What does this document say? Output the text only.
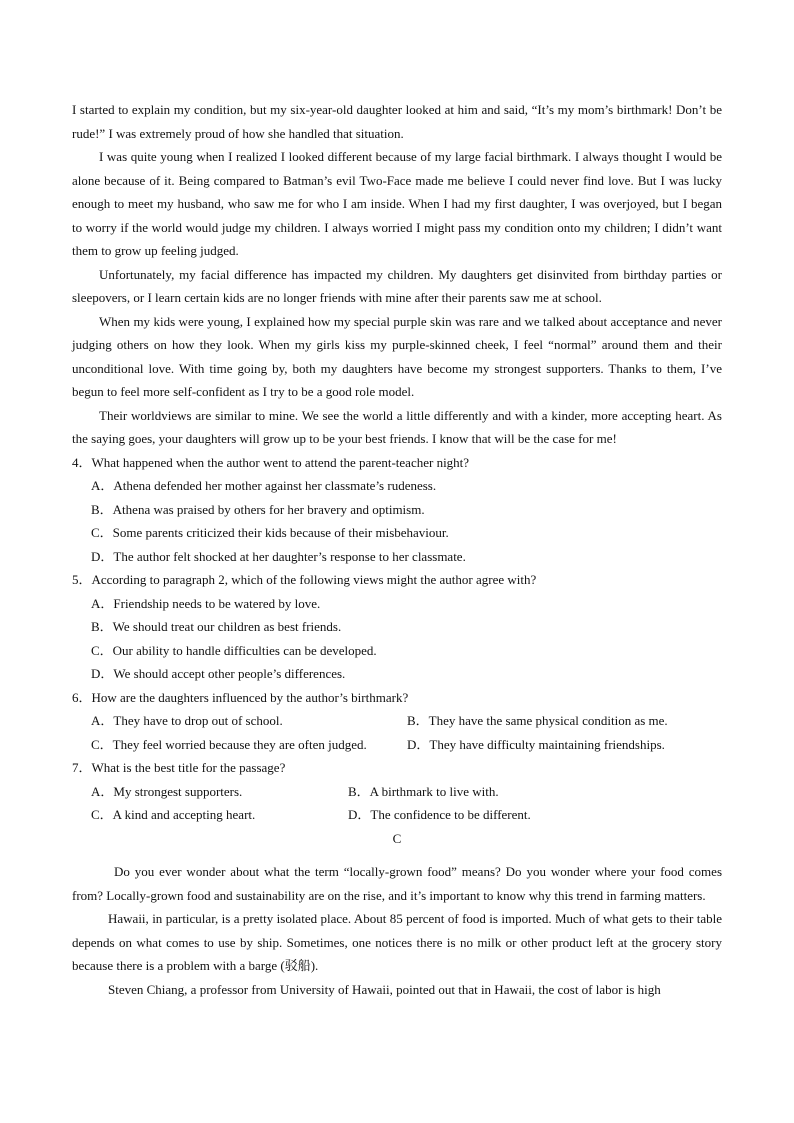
I started to explain my condition, but my six-year-old daughter looked at him and said, “It’s my mom’s birthmark! Don’t be rude!” I was extremely proud of how she handled that situation.

I was quite young when I realized I looked different because of my large facial birthmark. I always thought I would be alone because of it. Being compared to Batman’s evil Two-Face made me believe I could never find love. But I was lucky enough to meet my husband, who saw me for who I am inside. When I had my first daughter, I was overjoyed, but I began to worry if the world would judge my children. I always worried I might pass my condition onto my children; I didn’t want them to grow up feeling judged.

Unfortunately, my facial difference has impacted my children. My daughters get disinvited from birthday parties or sleepovers, or I learn certain kids are no longer friends with mine after their parents saw me at school.

When my kids were young, I explained how my special purple skin was rare and we talked about acceptance and never judging others on how they look. When my girls kiss my purple-skinned cheek, I feel “normal” around them and their unconditional love. With time going by, both my daughters have become my strongest supporters. Thanks to them, I’ve begun to feel more self-confident as I try to be a good role model.

Their worldviews are similar to mine. We see the world a little differently and with a kinder, more accepting heart. As the saying goes, your daughters will grow up to be your best friends. I know that will be the case for me!

4．What happened when the author went to attend the parent-teacher night?

A．Athena defended her mother against her classmate’s rudeness.

B．Athena was praised by others for her bravery and optimism.

C．Some parents criticized their kids because of their misbehaviour.

D．The author felt shocked at her daughter’s response to her classmate.

5．According to paragraph 2, which of the following views might the author agree with?

A．Friendship needs to be watered by love.

B．We should treat our children as best friends.

C．Our ability to handle difficulties can be developed.

D．We should accept other people’s differences.

6．How are the daughters influenced by the author’s birthmark?

A．They have to drop out of school.	B．They have the same physical condition as me.
C．They feel worried because they are often judged.	D．They have difficulty maintaining friendships.

7．What is the best title for the passage?

A．My strongest supporters.	B．A birthmark to live with.
C．A kind and accepting heart.	D．The confidence to be different.

C

Do you ever wonder about what the term “locally-grown food” means? Do you wonder where your food comes from? Locally-grown food and sustainability are on the rise, and it’s important to know why this trend in farming matters.

Hawaii, in particular, is a pretty isolated place. About 85 percent of food is imported. Much of what gets to their table depends on what comes to use by ship. Sometimes, one notices there is no milk or other product left at the grocery story because there is a problem with a barge (驳船).

Steven Chiang, a professor from University of Hawaii, pointed out that in Hawaii, the cost of labor is high
